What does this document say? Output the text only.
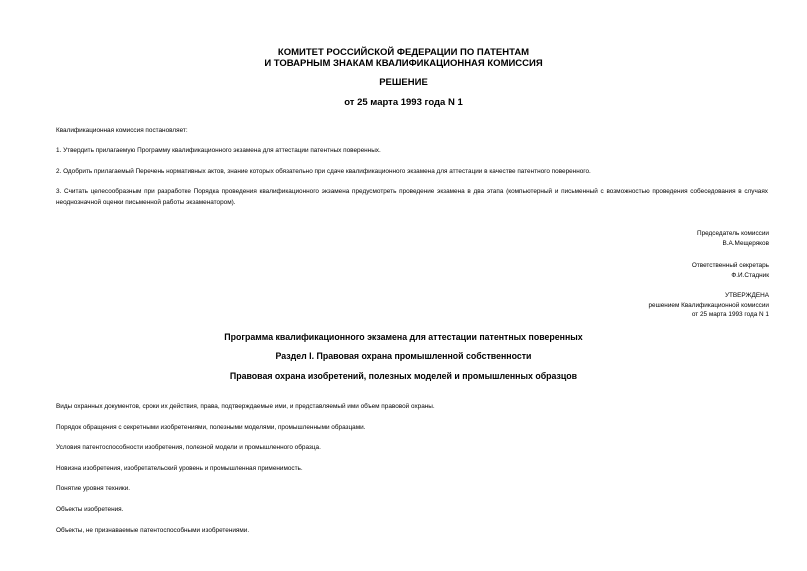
КОМИТЕТ РОССИЙСКОЙ ФЕДЕРАЦИИ ПО ПАТЕНТАМ
И ТОВАРНЫМ ЗНАКАМ КВАЛИФИКАЦИОННАЯ КОМИССИЯ
РЕШЕНИЕ
от 25 марта 1993 года N 1
Квалификационная комиссия постановляет:
1. Утвердить прилагаемую Программу квалификационного экзамена для аттестации патентных поверенных.
2. Одобрить прилагаемый Перечень нормативных актов, знание которых обязательно при сдаче квалификационного экзамена для аттестации в качестве патентного поверенного.
3. Считать целесообразным при разработке Порядка проведения квалификационного экзамена предусмотреть проведение экзамена в два этапа (компьютерный и письменный с возможностью проведения собеседования в случаях неоднозначной оценки письменной работы экзаменатором).
Председатель комиссии
В.А.Мещеряков
Ответственный секретарь
Ф.И.Стадник
УТВЕРЖДЕНА
решением Квалификационной комиссии
от 25 марта 1993 года N 1
Программа квалификационного экзамена для аттестации патентных поверенных
Раздел I. Правовая охрана промышленной собственности
Правовая охрана изобретений, полезных моделей и промышленных образцов
Виды охранных документов, сроки их действия, права, подтверждаемые ими, и представляемый ими объем правовой охраны.
Порядок обращения с секретными изобретениями, полезными моделями, промышленными образцами.
Условия патентоспособности изобретения, полезной модели и промышленного образца.
Новизна изобретения, изобретательский уровень и промышленная применимость.
Понятие уровня техники.
Объекты изобретения.
Объекты, не признаваемые патентоспособными изобретениями.
